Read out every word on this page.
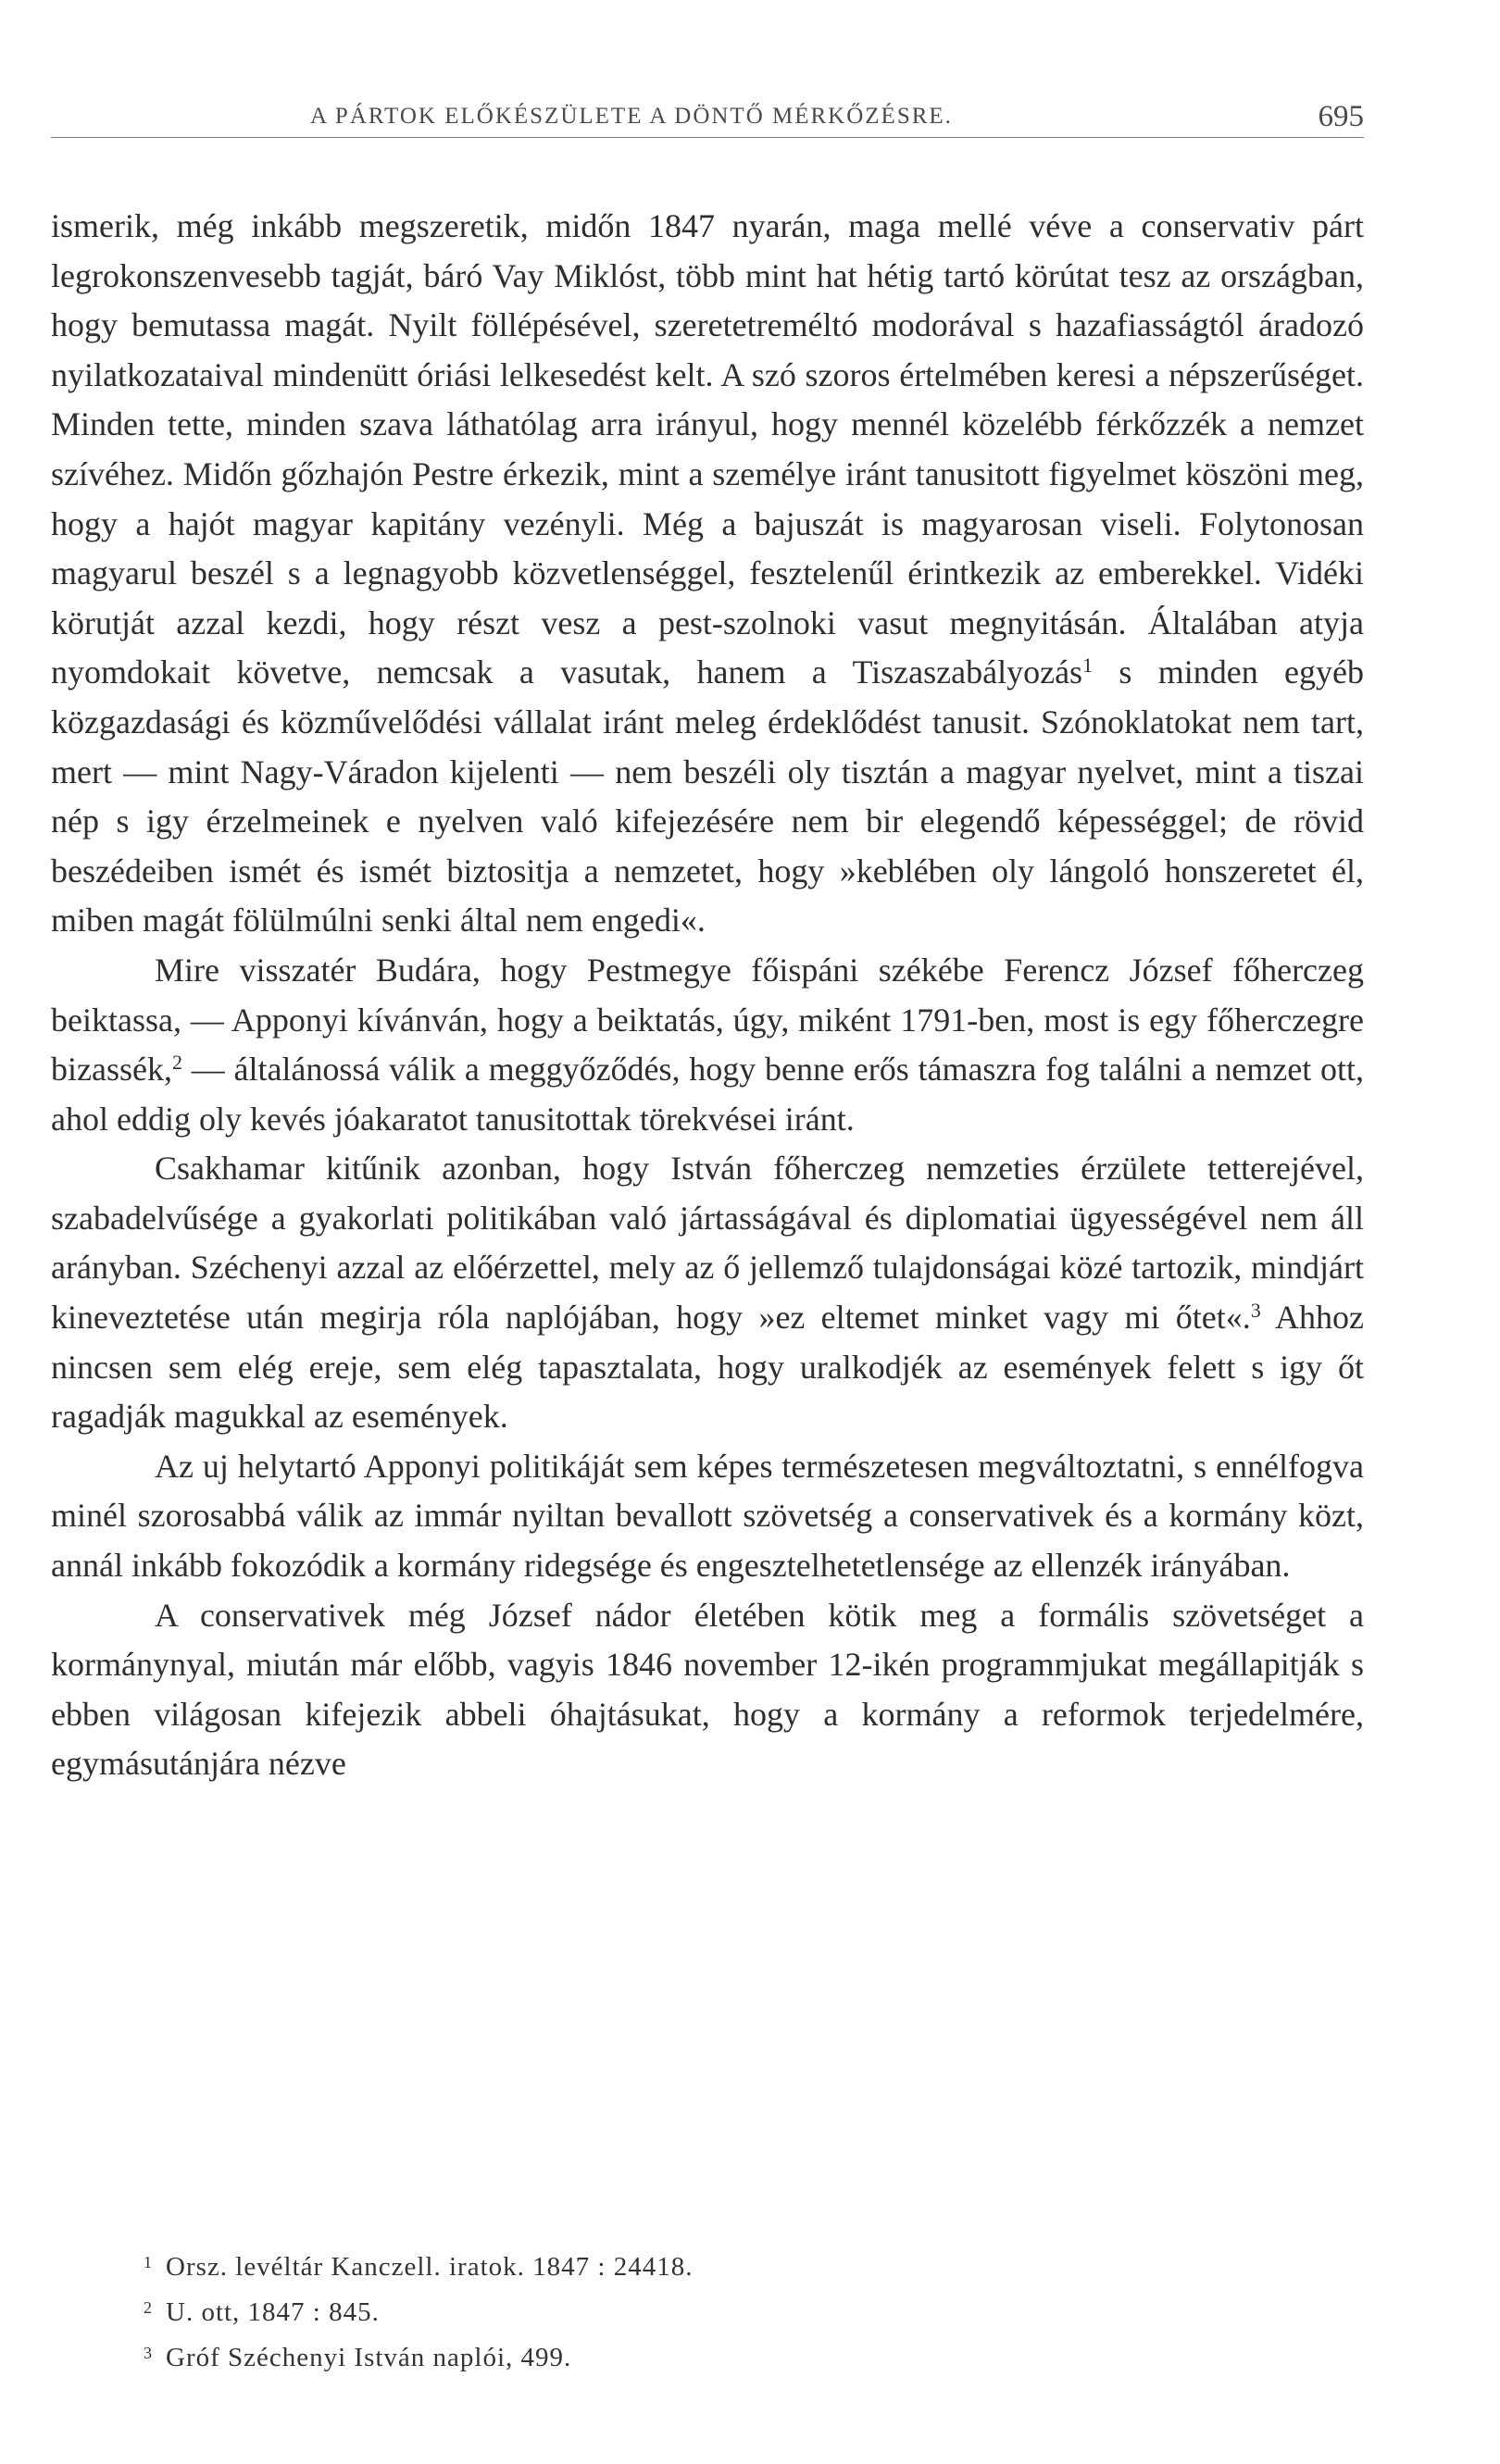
A PÁRTOK ELŐKÉSZÜLETE A DÖNTŐ MÉRKŐZÉSRE.	695

ismerik, még inkább megszeretik, midőn 1847 nyarán, maga mellé véve a conservativ párt legrokonszenvesebb tagját, báró Vay Miklóst, több mint hat hétig tartó körútat tesz az országban, hogy bemutassa magát. Nyilt föllépésével, szeretetreméltó modorával s hazafiasságtól áradozó nyilatkozataival mindenütt óriási lelkesedést kelt. A szó szoros értelmében keresi a népszerűséget. Minden tette, minden szava láthatólag arra irányul, hogy mennél közelébb férkőzzék a nemzet szívéhez. Midőn gőzhajón Pestre érkezik, mint a személye iránt tanusitott figyelmet köszöni meg, hogy a hajót magyar kapitány vezényli. Még a bajuszát is magyarosan viseli. Folytonosan magyarul beszél s a legnagyobb közvetlenséggel, fesztelenűl érintkezik az emberekkel. Vidéki körutját azzal kezdi, hogy részt vesz a pest-szolnoki vasut megnyitásán. Általában atyja nyomdokait követve, nemcsak a vasutak, hanem a Tiszaszabályozás$^1$ s minden egyéb közgazdasági és közművelődési vállalat iránt meleg érdeklődést tanusit. Szónoklatokat nem tart, mert — mint Nagy-Váradon kijelenti — nem beszéli oly tisztán a magyar nyelvet, mint a tiszai nép s igy érzelmeinek e nyelven való kifejezésére nem bir elegendő képességgel; de rövid beszédeiben ismét és ismét biztositja a nemzetet, hogy »keblében oly lángoló honszeretet él, miben magát fölülmúlni senki által nem engedi«.

Mire visszatér Budára, hogy Pestmegye főispáni székébe Ferencz József főherczeg beiktassa, — Apponyi kívánván, hogy a beiktatás, úgy, miként 1791-ben, most is egy főherczegre bizassék,$^2$ — általánossá válik a meggyőződés, hogy benne erős támaszra fog találni a nemzet ott, ahol eddig oly kevés jóakaratot tanusitottak törekvései iránt.

Csakhamar kitűnik azonban, hogy István főherczeg nemzeties érzülete tetterejével, szabadelvűsége a gyakorlati politikában való jártasságával és diplomatiai ügyességével nem áll arányban. Széchenyi azzal az előérzettel, mely az ő jellemző tulajdonságai közé tartozik, mindjárt kineveztetése után megirja róla naplójában, hogy »ez eltemet minket vagy mi őtet«.$^3$ Ahhoz nincsen sem elég ereje, sem elég tapasztalata, hogy uralkodjék az események felett s igy őt ragadják magukkal az események.

Az uj helytartó Apponyi politikáját sem képes természetesen megváltoztatni, s ennélfogva minél szorosabbá válik az immár nyiltan bevallott szövetség a conservativek és a kormány közt, annál inkább fokozódik a kormány ridegsége és engesztelhetetlensége az ellenzék irányában.

A conservativek még József nádor életében kötik meg a formális szövetséget a kormánynyal, miután már előbb, vagyis 1846 november 12-ikén programmjukat megállapitják s ebben világosan kifejezik abbeli óhajtásukat, hogy a kormány a reformok terjedelmére, egymásutánjára nézve

1 Orsz. levéltár Kanczell. iratok. 1847 : 24418.

2 U. ott, 1847 : 845.

3 Gróf Széchenyi István naplói, 499.
